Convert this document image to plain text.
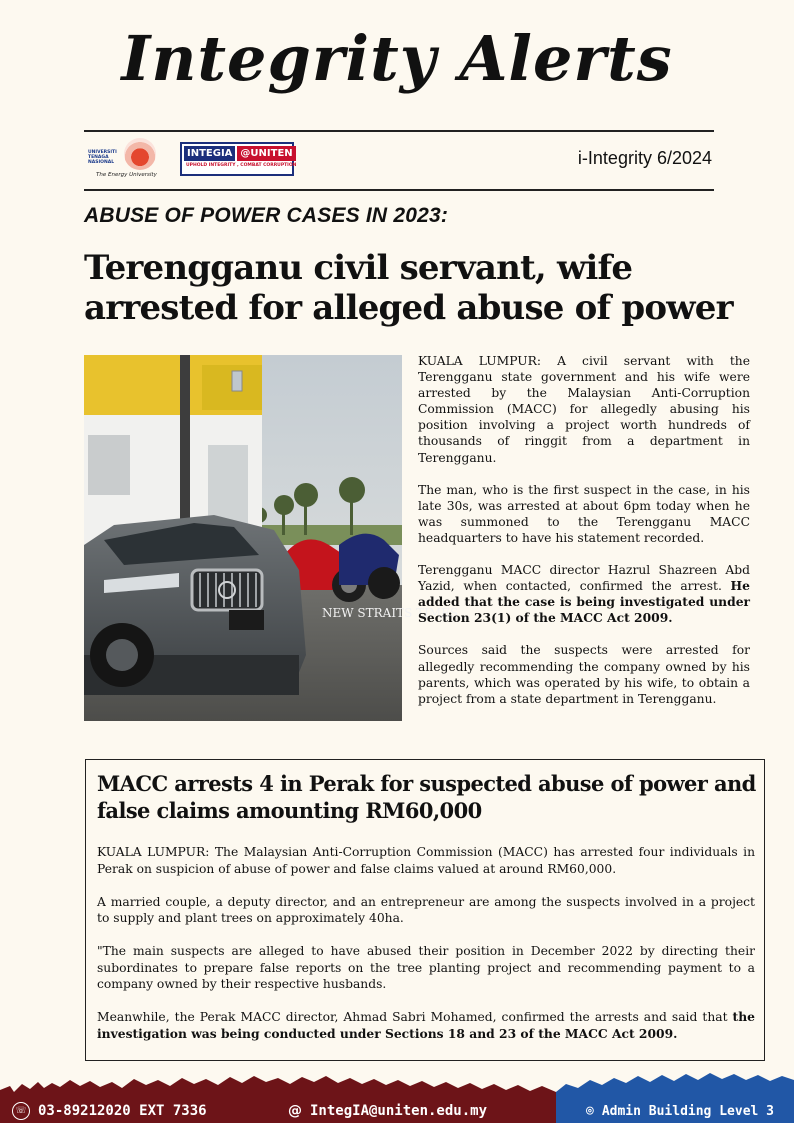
Integrity Alerts
UNIVERSITI TENAGA NASIONAL
The Energy University
INTEGIA @UNITEN
UPHOLD INTEGRITY , COMBAT CORRUPTION	i-Integrity 6/2024
ABUSE OF POWER CASES IN 2023:
Terengganu civil servant, wife
arrested for alleged abuse of power
NEW STRAITS TIMES

KUALA LUMPUR: A civil servant with the Terengganu state government and his wife were arrested by the Malaysian Anti-Corruption Commission (MACC) for allegedly abusing his position involving a project worth hundreds of thousands of ringgit from a department in Terengganu.

The man, who is the first suspect in the case, in his late 30s, was arrested at about 6pm today when he was summoned to the Terengganu MACC headquarters to have his statement recorded.

Terengganu MACC director Hazrul Shazreen Abd Yazid, when contacted, confirmed the arrest. He added that the case is being investigated under Section 23(1) of the MACC Act 2009.

Sources said the suspects were arrested for allegedly recommending the company owned by his parents, which was operated by his wife, to obtain a project from a state department in Terengganu.

MACC arrests 4 in Perak for suspected abuse of power and false claims amounting RM60,000

KUALA LUMPUR: The Malaysian Anti-Corruption Commission (MACC) has arrested four individuals in Perak on suspicion of abuse of power and false claims valued at around RM60,000.

A married couple, a deputy director, and an entrepreneur are among the suspects involved in a project to supply and plant trees on approximately 40ha.

"The main suspects are alleged to have abused their position in December 2022 by directing their subordinates to prepare false reports on the tree planting project and recommending payment to a company owned by their respective husbands.

Meanwhile, the Perak MACC director, Ahmad Sabri Mohamed, confirmed the arrests and said that the investigation was being conducted under Sections 18 and 23 of the MACC Act 2009.

☏ 03-89212020 EXT 7336	@ IntegIA@uniten.edu.my	⌾ Admin Building Level 3
